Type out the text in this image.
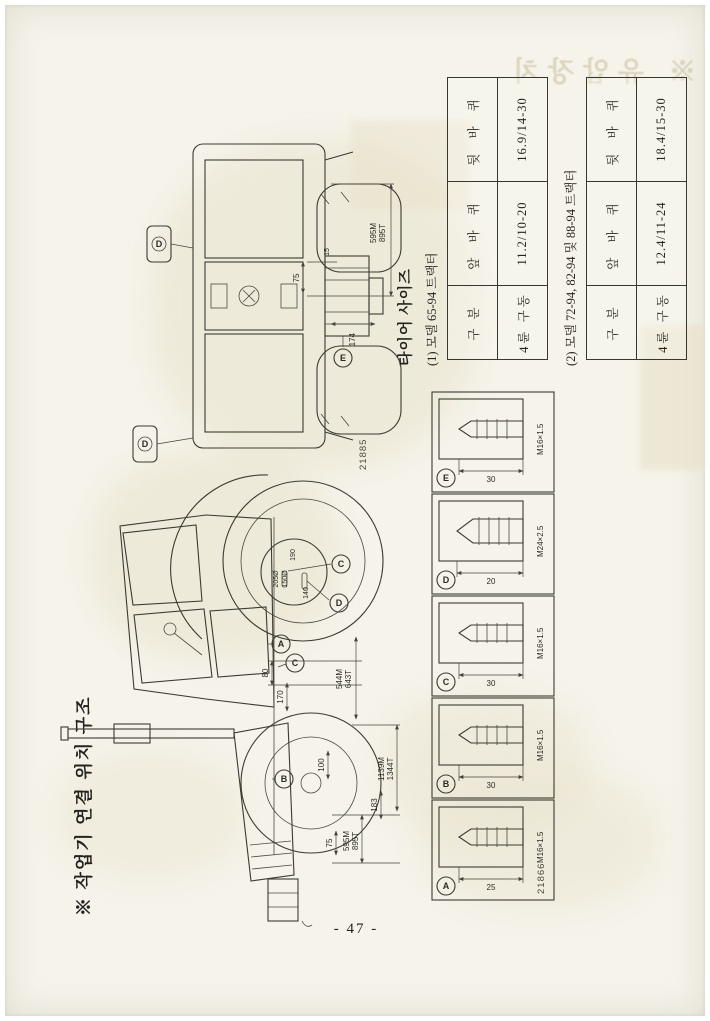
※ 유압장치
※ 작업기 연결 위치 구조
205Ø 150Ø
190
140
C
D
A
C
B
80
170
100
75
183
544M 643T
595M 895T
1139M 1344T
21885
D
D
E
75
15
174
595M 895T
타이어 사이즈 (1) 모델 65-94 트랙터 구 분	앞 바 퀴	뒷 바 퀴
4륜 구동	11.2/10-20	16.9/14-30
(2) 모델 72-94, 82-94 및 88-94 트랙터 구 분	앞 바 퀴	뒷 바 퀴
4륜 구동	12.4/11-24	18.4/15-30
25
A
M16×1.5
30
B
M16×1.5
30
C
M16×1.5
20
D
M24×2.5
30
E
M16×1.5
21866
- 47 -
